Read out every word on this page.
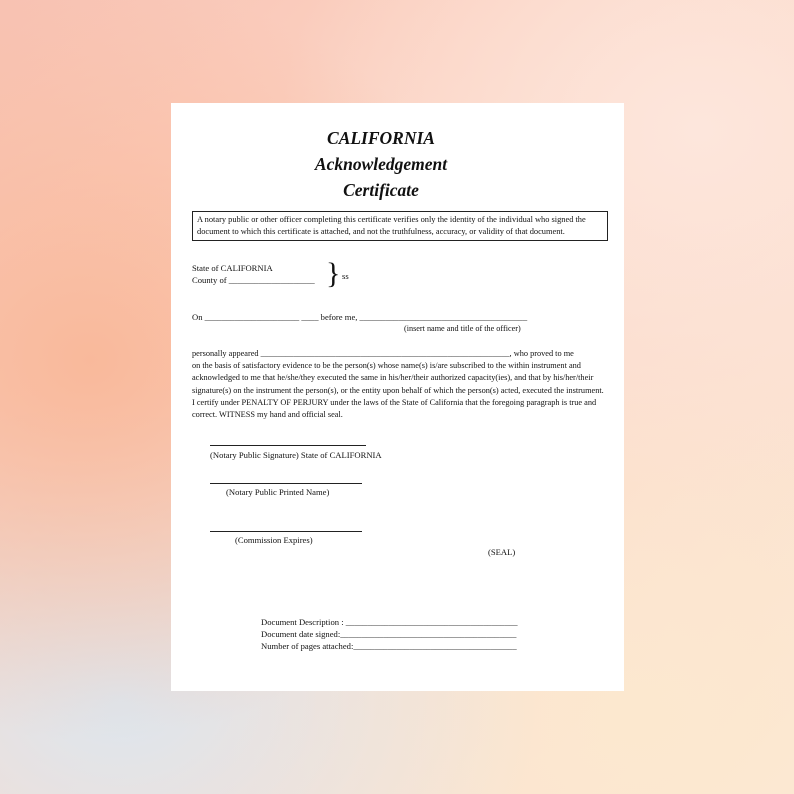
CALIFORNIA
Acknowledgement
Certificate
A notary public or other officer completing this certificate verifies only the identity of the individual who signed the document to which this certificate is attached, and not the truthfulness, accuracy, or validity of that document.
State of CALIFORNIA
County of ____________________ } ss
On ______________________ ____ before me, _______________________________________
(insert name and title of the officer)

personally appeared ____________________________________________________________, who proved to me

on the basis of satisfactory evidence to be the person(s) whose name(s) is/are subscribed to the within instrument and acknowledged to me that he/she/they executed the same in his/her/their authorized capacity(ies), and that by his/her/their signature(s) on the instrument the person(s), or the entity upon behalf of which the person(s) acted, executed the instrument. I certify under PENALTY OF PERJURY under the laws of the State of California that the foregoing paragraph is true and correct. WITNESS my hand and official seal.

(Notary Public Signature) State of CALIFORNIA
(Notary Public Printed Name)
(Commission Expires)
(SEAL)
Document Description : ________________________________________
Document date signed:_________________________________________
Number of pages attached:______________________________________
